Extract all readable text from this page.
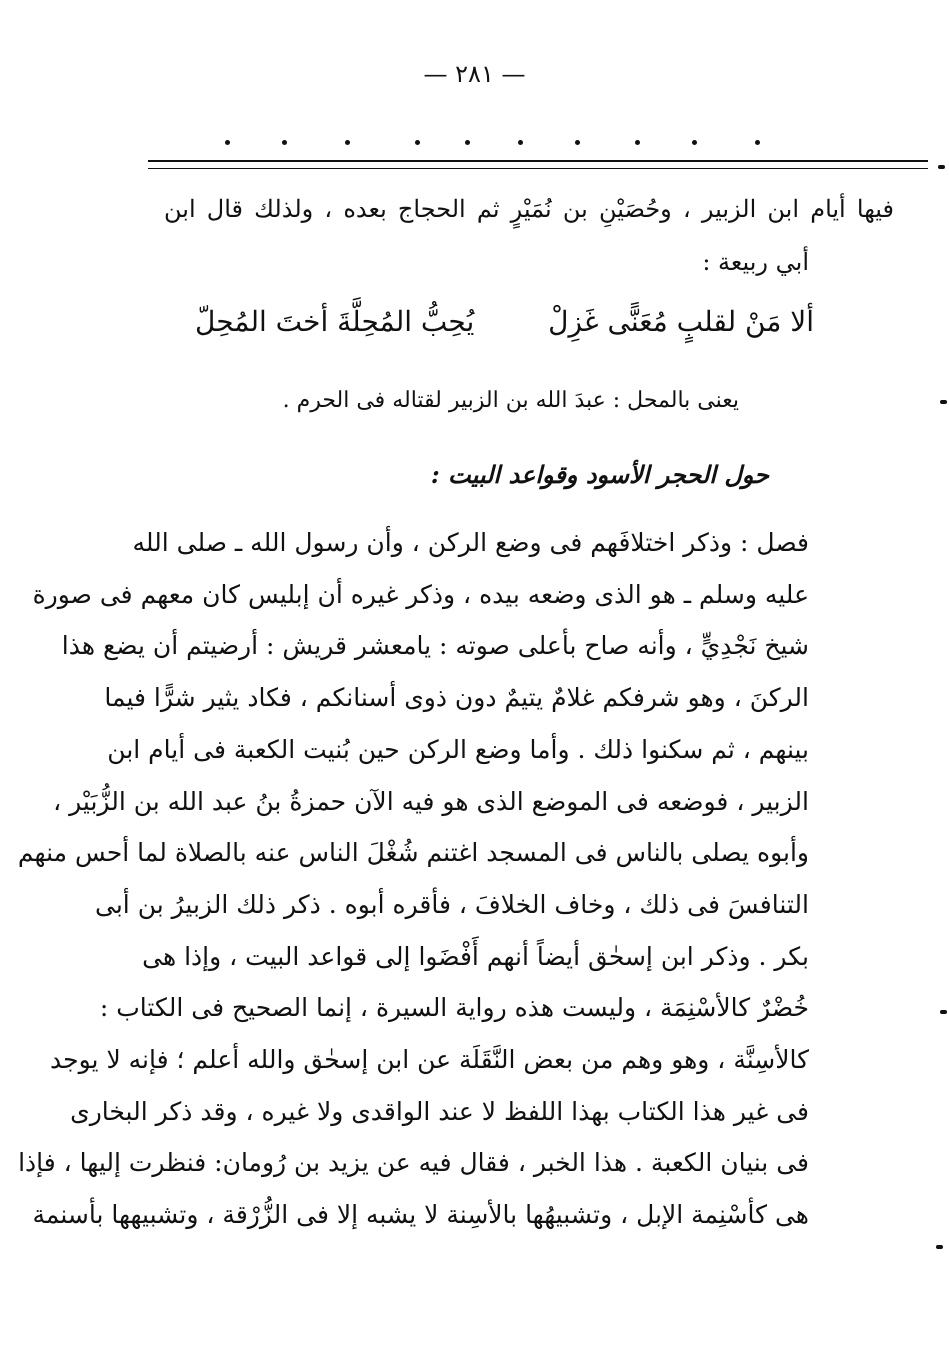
— ٢٨١ —
فيها أيام ابن الزبير ، وحُصَيْنِ بن نُمَيْرٍ ثم الحجاج بعده ، ولذلك قال ابن
أبي ربيعة :
ألا مَنْ لقلبٍ مُعَنًّى غَزِلْ
يُحِبُّ المُحِلَّةَ أختَ المُحِلّ
يعنى بالمحل : عبدَ الله بن الزبير لقتاله فى الحرم .
حول الحجر الأسود وقواعد البيت :
فصل : وذكر اختلافَهم فى وضع الركن ، وأن رسول الله ـ صلى الله
عليه وسلم ـ هو الذى وضعه بيده ، وذكر غيره أن إبليس كان معهم فى صورة
شيخ نَجْدِيٍّ ، وأنه صاح بأعلى صوته : يامعشر قريش : أرضيتم أن يضع هذا
الركنَ ، وهو شرفكم غلامٌ يتيمٌ دون ذوى أسنانكم ، فكاد يثير شرًّا فيما
بينهم ، ثم سكنوا ذلك . وأما وضع الركن حين بُنيت الكعبة فى أيام ابن
الزبير ، فوضعه فى الموضع الذى هو فيه الآن حمزةُ بنُ عبد الله بن الزُّبَيْر ،
وأبوه يصلى بالناس فى المسجد اغتنم شُغْلَ الناس عنه بالصلاة لما أحس منهم
التنافسَ فى ذلك ، وخاف الخلافَ ، فأقره أبوه . ذكر ذلك الزبيرُ بن أبى
بكر . وذكر ابن إسحٰق أيضاً أنهم أَفْضَوا إلى قواعد البيت ، وإذا هى
خُضْرٌ كالأسْنِمَة ، وليست هذه رواية السيرة ، إنما الصحيح فى الكتاب :
كالأسِنَّة ، وهو وهم من بعض النَّقَلَة عن ابن إسحٰق والله أعلم ؛ فإنه لا يوجد
فى غير هذا الكتاب بهذا اللفظ لا عند الواقدى ولا غيره ، وقد ذكر البخارى
فى بنيان الكعبة . هذا الخبر ، فقال فيه عن يزيد بن رُومان: فنظرت إليها ، فإذا
هى كأسْنِمة الإبل ، وتشبيهُها بالأسِنة لا يشبه إلا فى الزُّرْقة ، وتشبيهها بأسنمة
